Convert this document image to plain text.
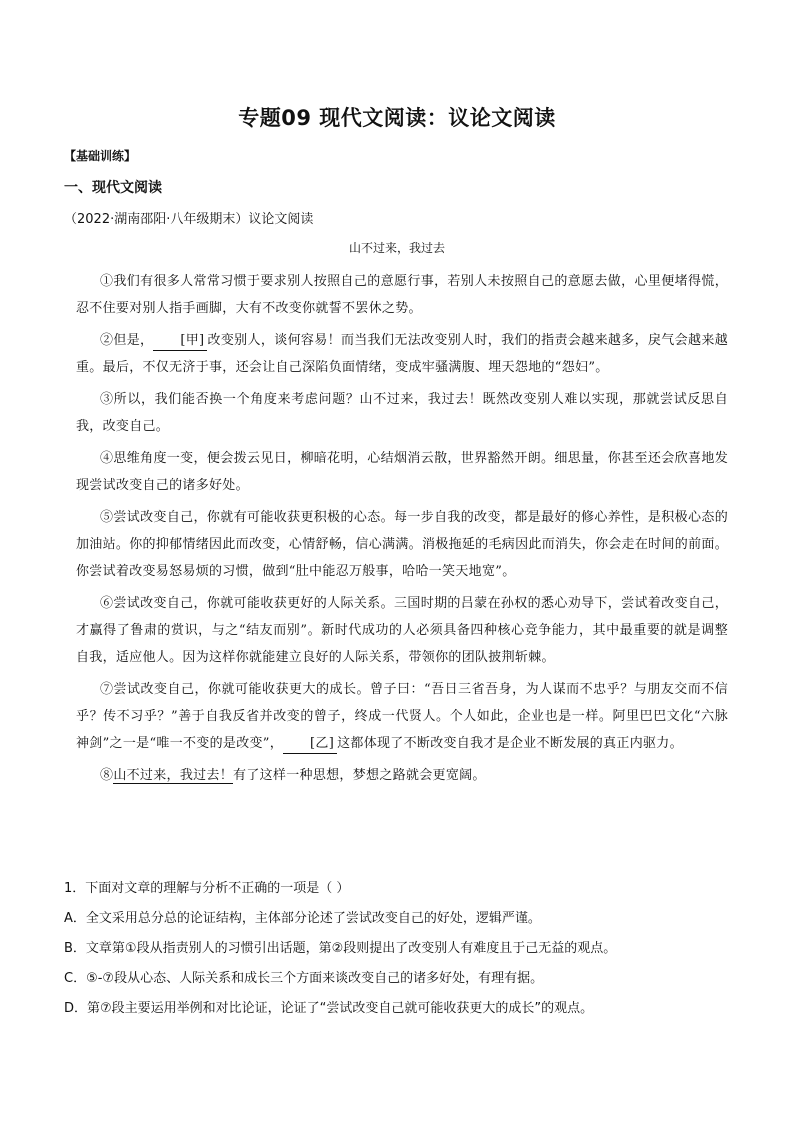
专题09 现代文阅读：议论文阅读
【基础训练】
一、现代文阅读
（2022·湖南邵阳·八年级期末）议论文阅读
山不过来，我过去

①我们有很多人常常习惯于要求别人按照自己的意愿行事，若别人未按照自己的意愿去做，心里便堵得慌，忍不住要对别人指手画脚，大有不改变你就誓不罢休之势。

②但是， [甲] 改变别人，谈何容易！而当我们无法改变别人时，我们的指责会越来越多，戾气会越来越重。最后，不仅无济于事，还会让自己深陷负面情绪，变成牢骚满腹、埋天怨地的“怨妇”。

③所以，我们能否换一个角度来考虑问题？山不过来，我过去！既然改变别人难以实现，那就尝试反思自我，改变自己。

④思维角度一变，便会拨云见日，柳暗花明，心结烟消云散，世界豁然开朗。细思量，你甚至还会欣喜地发现尝试改变自己的诸多好处。

⑤尝试改变自己，你就有可能收获更积极的心态。每一步自我的改变，都是最好的修心养性，是积极心态的加油站。你的抑郁情绪因此而改变，心情舒畅，信心满满。消极拖延的毛病因此而消失，你会走在时间的前面。你尝试着改变易怒易烦的习惯，做到“肚中能忍万般事，哈哈一笑天地宽”。

⑥尝试改变自己，你就可能收获更好的人际关系。三国时期的吕蒙在孙权的悉心劝导下，尝试着改变自己，才赢得了鲁肃的赏识，与之“结友而别”。新时代成功的人必须具备四种核心竞争能力，其中最重要的就是调整自我，适应他人。因为这样你就能建立良好的人际关系，带领你的团队披荆斩棘。

⑦尝试改变自己，你就可能收获更大的成长。曾子曰：“吾日三省吾身，为人谋而不忠乎？与朋友交而不信乎？传不习乎？”善于自我反省并改变的曾子，终成一代贤人。个人如此，企业也是一样。阿里巴巴文化“六脉神剑”之一是“唯一不变的是改变”， [乙] 这都体现了不断改变自我才是企业不断发展的真正内驱力。

⑧山不过来，我过去！有了这样一种思想，梦想之路就会更宽阔。

1．下面对文章的理解与分析不正确的一项是（ ）
A．全文采用总分总的论证结构，主体部分论述了尝试改变自己的好处，逻辑严谨。
B．文章第①段从指责别人的习惯引出话题，第②段则提出了改变别人有难度且于己无益的观点。
C．⑤-⑦段从心态、人际关系和成长三个方面来谈改变自己的诸多好处，有理有据。
D．第⑦段主要运用举例和对比论证，论证了“尝试改变自己就可能收获更大的成长”的观点。
